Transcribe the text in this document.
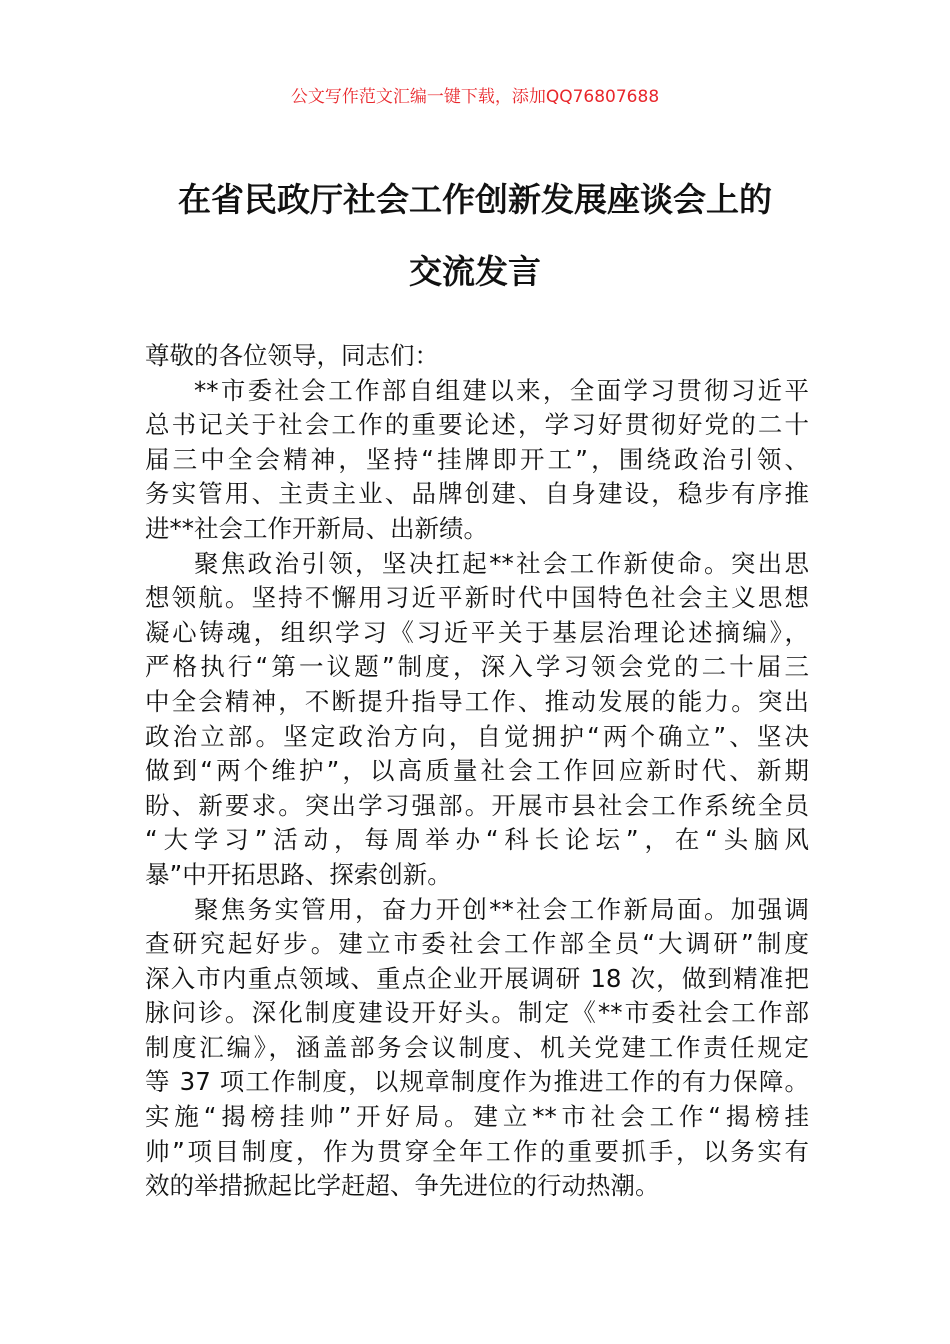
公文写作范文汇编一键下载，添加QQ76807688
在省民政厅社会工作创新发展座谈会上的
交流发言
尊敬的各位领导，同志们：
**市委社会工作部自组建以来，全面学习贯彻习近平
总书记关于社会工作的重要论述，学习好贯彻好党的二十
届三中全会精神，坚持“挂牌即开工”，围绕政治引领、
务实管用、主责主业、品牌创建、自身建设，稳步有序推
进**社会工作开新局、出新绩。
聚焦政治引领，坚决扛起**社会工作新使命。突出思
想领航。坚持不懈用习近平新时代中国特色社会主义思想
凝心铸魂，组织学习《习近平关于基层治理论述摘编》，
严格执行“第一议题”制度，深入学习领会党的二十届三
中全会精神，不断提升指导工作、推动发展的能力。突出
政治立部。坚定政治方向，自觉拥护“两个确立”、坚决
做到“两个维护”，以高质量社会工作回应新时代、新期
盼、新要求。突出学习强部。开展市县社会工作系统全员
“大学习”活动，每周举办“科长论坛”，在“头脑风
暴”中开拓思路、探索创新。
聚焦务实管用，奋力开创**社会工作新局面。加强调
查研究起好步。建立市委社会工作部全员“大调研”制度
深入市内重点领域、重点企业开展调研 18 次，做到精准把
脉问诊。深化制度建设开好头。制定《**市委社会工作部
制度汇编》，涵盖部务会议制度、机关党建工作责任规定
等 37 项工作制度，以规章制度作为推进工作的有力保障。
实施“揭榜挂帅”开好局。建立**市社会工作“揭榜挂
帅”项目制度，作为贯穿全年工作的重要抓手，以务实有
效的举措掀起比学赶超、争先进位的行动热潮。
